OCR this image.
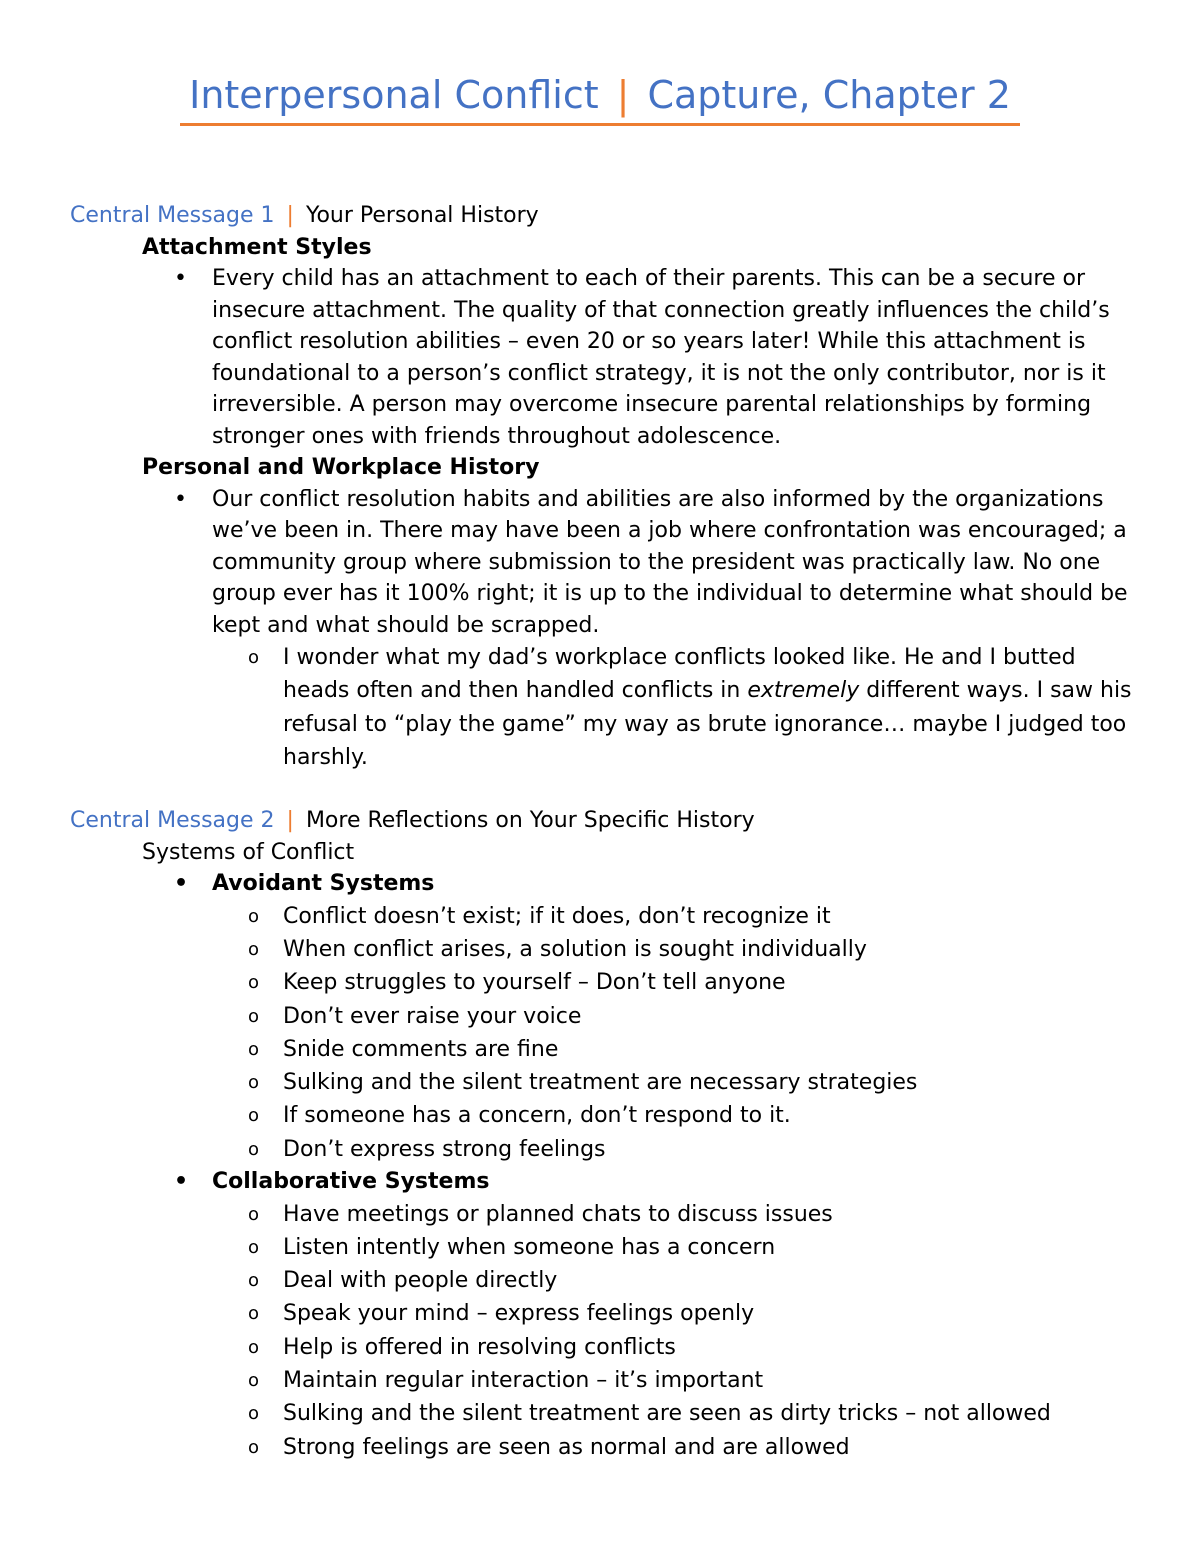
Interpersonal Conflict | Capture, Chapter 2

Central Message 1 | Your Personal History

Attachment Styles

• Every child has an attachment to each of their parents. This can be a secure or insecure attachment. The quality of that connection greatly influences the child’s conflict resolution abilities – even 20 or so years later! While this attachment is foundational to a person’s conflict strategy, it is not the only contributor, nor is it irreversible. A person may overcome insecure parental relationships by forming stronger ones with friends throughout adolescence.

Personal and Workplace History

• Our conflict resolution habits and abilities are also informed by the organizations we’ve been in. There may have been a job where confrontation was encouraged; a community group where submission to the president was practically law. No one group ever has it 100% right; it is up to the individual to determine what should be kept and what should be scrapped.

o I wonder what my dad’s workplace conflicts looked like. He and I butted heads often and then handled conflicts in extremely different ways. I saw his refusal to “play the game” my way as brute ignorance… maybe I judged too harshly.

Central Message 2 | More Reflections on Your Specific History

Systems of Conflict

• Avoidant Systems

o Conflict doesn’t exist; if it does, don’t recognize it

o When conflict arises, a solution is sought individually

o Keep struggles to yourself – Don’t tell anyone

o Don’t ever raise your voice

o Snide comments are fine

o Sulking and the silent treatment are necessary strategies

o If someone has a concern, don’t respond to it.

o Don’t express strong feelings

• Collaborative Systems

o Have meetings or planned chats to discuss issues

o Listen intently when someone has a concern

o Deal with people directly

o Speak your mind – express feelings openly

o Help is offered in resolving conflicts

o Maintain regular interaction – it’s important

o Sulking and the silent treatment are seen as dirty tricks – not allowed

o Strong feelings are seen as normal and are allowed
